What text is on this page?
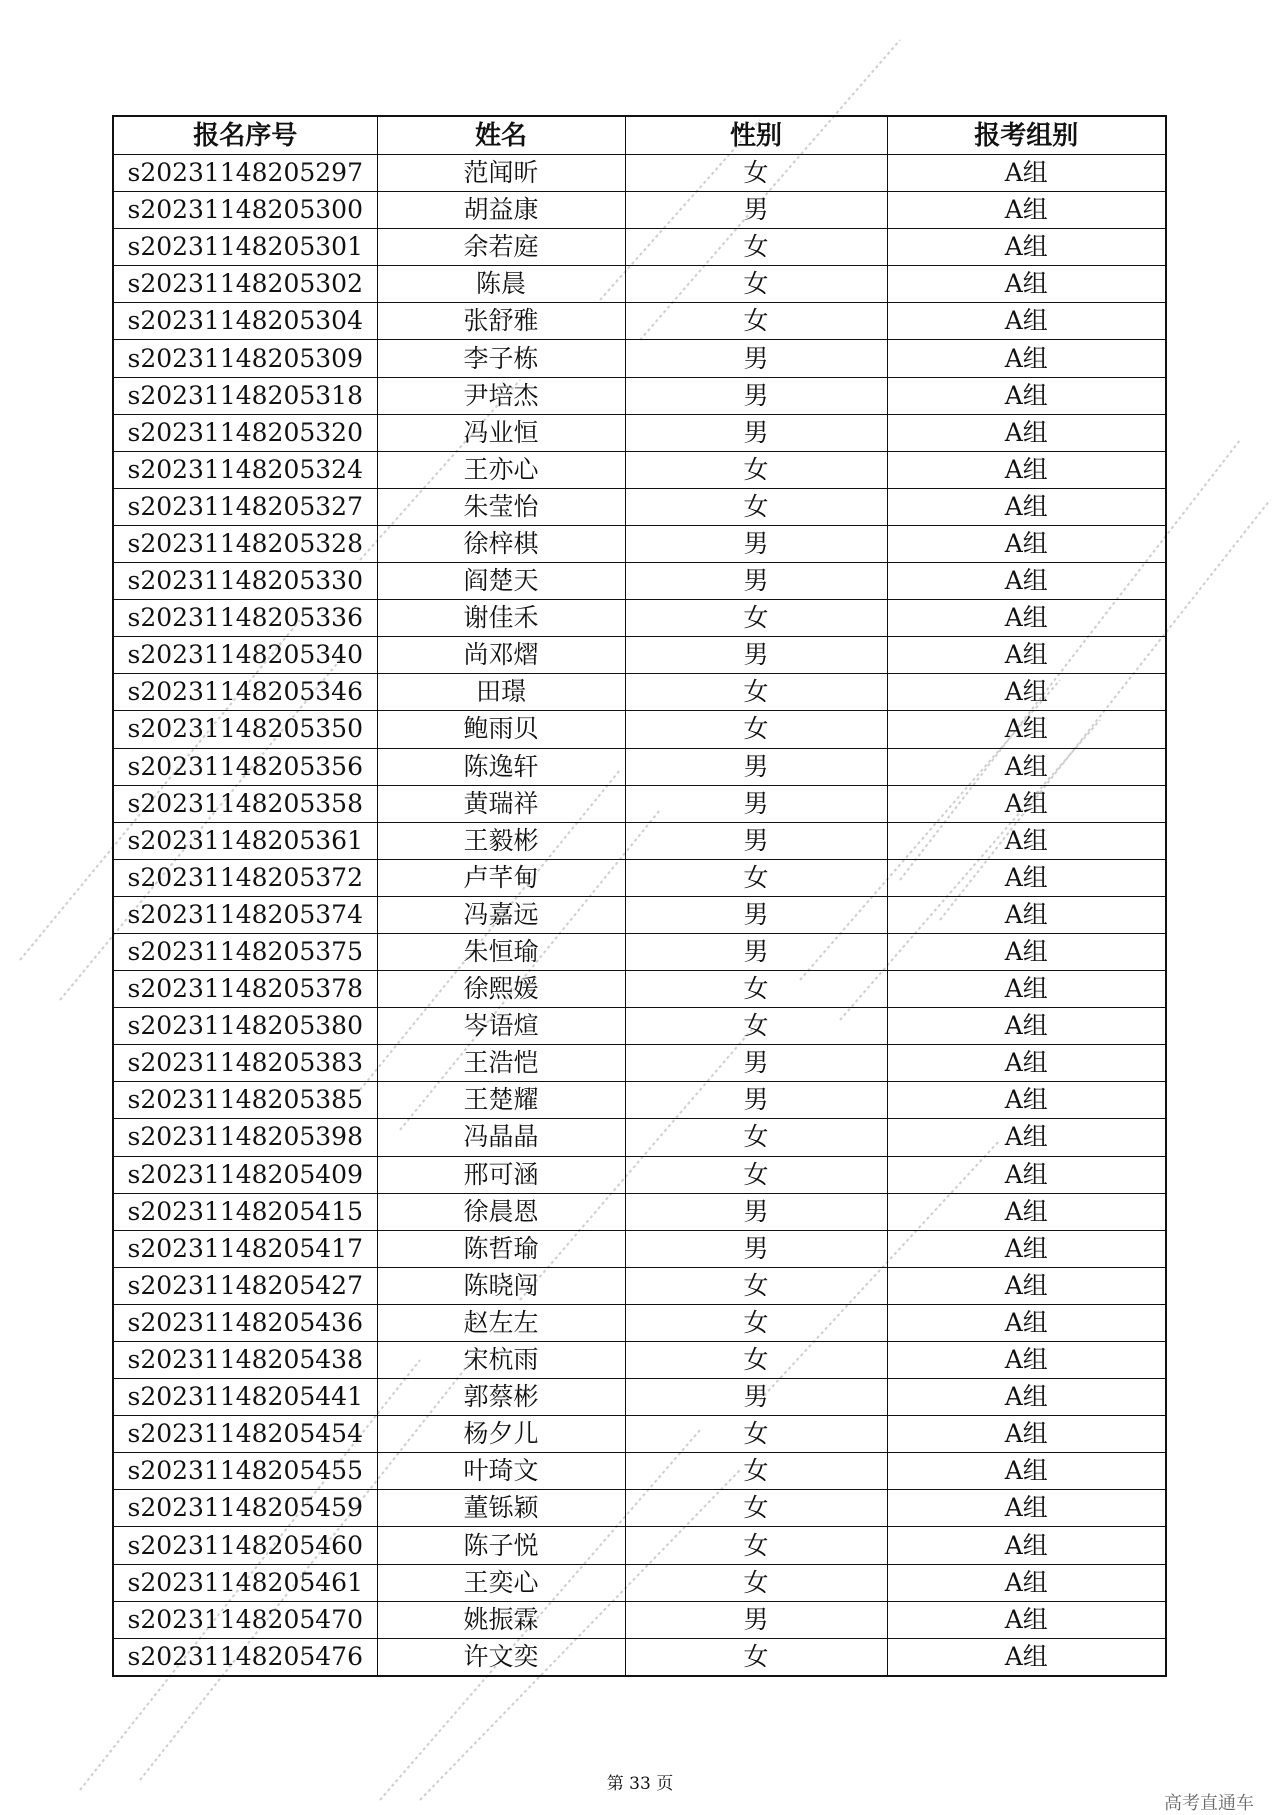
报名序号	姓名	性别	报考组别
s20231148205297	范闻昕	女	A组
s20231148205300	胡益康	男	A组
s20231148205301	余若庭	女	A组
s20231148205302	陈晨	女	A组
s20231148205304	张舒雅	女	A组
s20231148205309	李子栋	男	A组
s20231148205318	尹培杰	男	A组
s20231148205320	冯业恒	男	A组
s20231148205324	王亦心	女	A组
s20231148205327	朱莹怡	女	A组
s20231148205328	徐梓棋	男	A组
s20231148205330	阎楚天	男	A组
s20231148205336	谢佳禾	女	A组
s20231148205340	尚邓熠	男	A组
s20231148205346	田璟	女	A组
s20231148205350	鲍雨贝	女	A组
s20231148205356	陈逸轩	男	A组
s20231148205358	黄瑞祥	男	A组
s20231148205361	王毅彬	男	A组
s20231148205372	卢芊甸	女	A组
s20231148205374	冯嘉远	男	A组
s20231148205375	朱恒瑜	男	A组
s20231148205378	徐熙媛	女	A组
s20231148205380	岑语煊	女	A组
s20231148205383	王浩恺	男	A组
s20231148205385	王楚耀	男	A组
s20231148205398	冯晶晶	女	A组
s20231148205409	邢可涵	女	A组
s20231148205415	徐晨恩	男	A组
s20231148205417	陈哲瑜	男	A组
s20231148205427	陈晓闯	女	A组
s20231148205436	赵左左	女	A组
s20231148205438	宋杭雨	女	A组
s20231148205441	郭蔡彬	男	A组
s20231148205454	杨夕儿	女	A组
s20231148205455	叶琦文	女	A组
s20231148205459	董铄颖	女	A组
s20231148205460	陈子悦	女	A组
s20231148205461	王奕心	女	A组
s20231148205470	姚振霖	男	A组
s20231148205476	许文奕	女	A组
第 33 页
高考直通车
